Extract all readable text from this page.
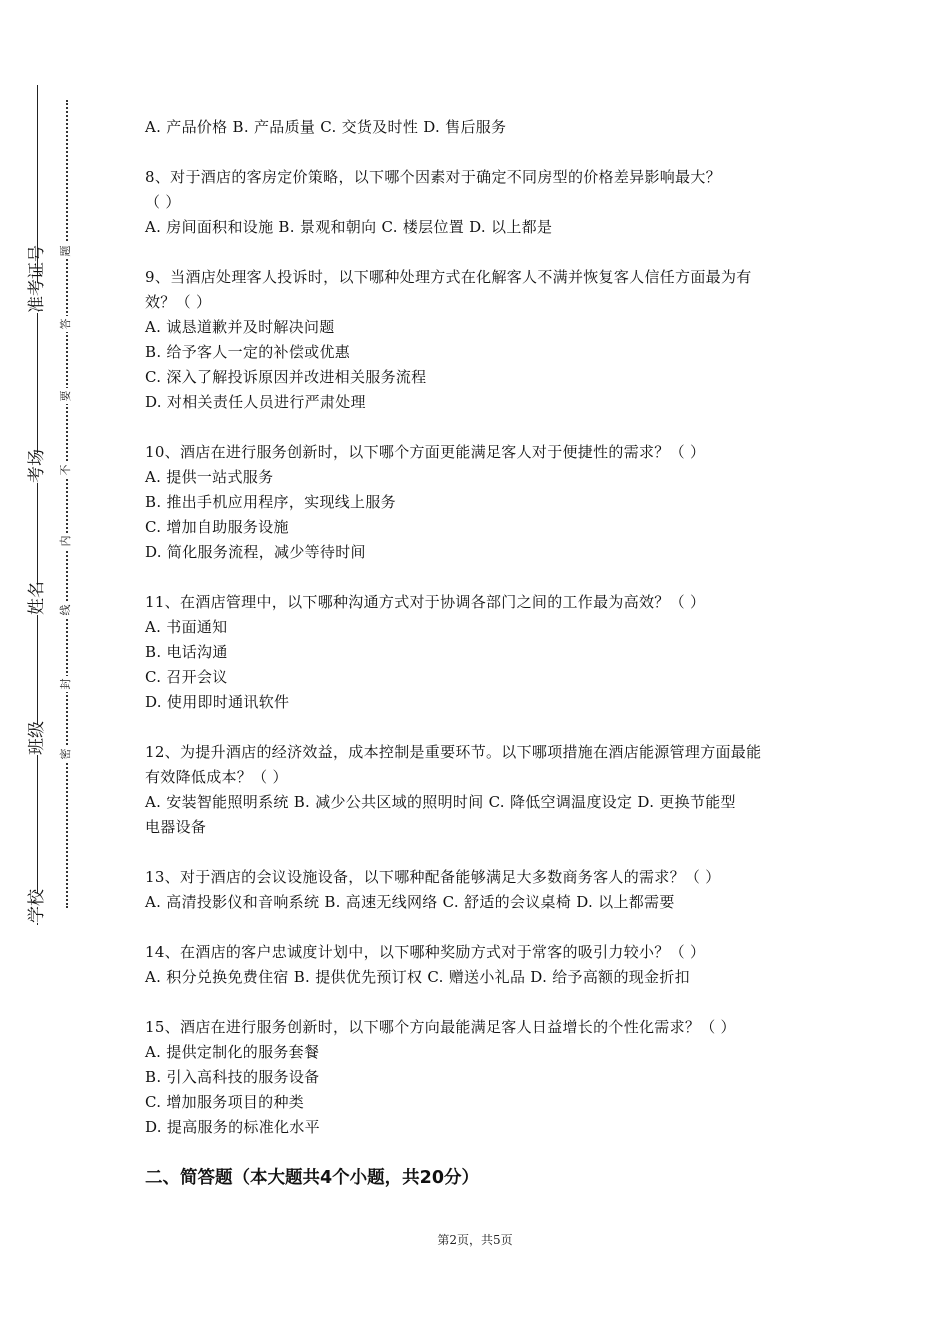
准考证号
考场
姓名
班级
学校
题
答
要
不
内
线
封
密

A. 产品价格 B. 产品质量 C. 交货及时性 D. 售后服务

8、对于酒店的客房定价策略，以下哪个因素对于确定不同房型的价格差异影响最大？

（ ）

A. 房间面积和设施 B. 景观和朝向 C. 楼层位置 D. 以上都是

9、当酒店处理客人投诉时，以下哪种处理方式在化解客人不满并恢复客人信任方面最为有

效？（ ）

A. 诚恳道歉并及时解决问题

B. 给予客人一定的补偿或优惠

C. 深入了解投诉原因并改进相关服务流程

D. 对相关责任人员进行严肃处理

10、酒店在进行服务创新时，以下哪个方面更能满足客人对于便捷性的需求？（ ）

A. 提供一站式服务

B. 推出手机应用程序，实现线上服务

C. 增加自助服务设施

D. 简化服务流程，减少等待时间

11、在酒店管理中，以下哪种沟通方式对于协调各部门之间的工作最为高效？（ ）

A. 书面通知

B. 电话沟通

C. 召开会议

D. 使用即时通讯软件

12、为提升酒店的经济效益，成本控制是重要环节。以下哪项措施在酒店能源管理方面最能

有效降低成本？（ ）

A. 安装智能照明系统 B. 减少公共区域的照明时间 C. 降低空调温度设定 D. 更换节能型

电器设备

13、对于酒店的会议设施设备，以下哪种配备能够满足大多数商务客人的需求？（ ）

A. 高清投影仪和音响系统 B. 高速无线网络 C. 舒适的会议桌椅 D. 以上都需要

14、在酒店的客户忠诚度计划中，以下哪种奖励方式对于常客的吸引力较小？（ ）

A. 积分兑换免费住宿 B. 提供优先预订权 C. 赠送小礼品 D. 给予高额的现金折扣

15、酒店在进行服务创新时，以下哪个方向最能满足客人日益增长的个性化需求？（ ）

A. 提供定制化的服务套餐

B. 引入高科技的服务设备

C. 增加服务项目的种类

D. 提高服务的标准化水平

二、简答题（本大题共4个小题，共20分）
第2页，共5页
